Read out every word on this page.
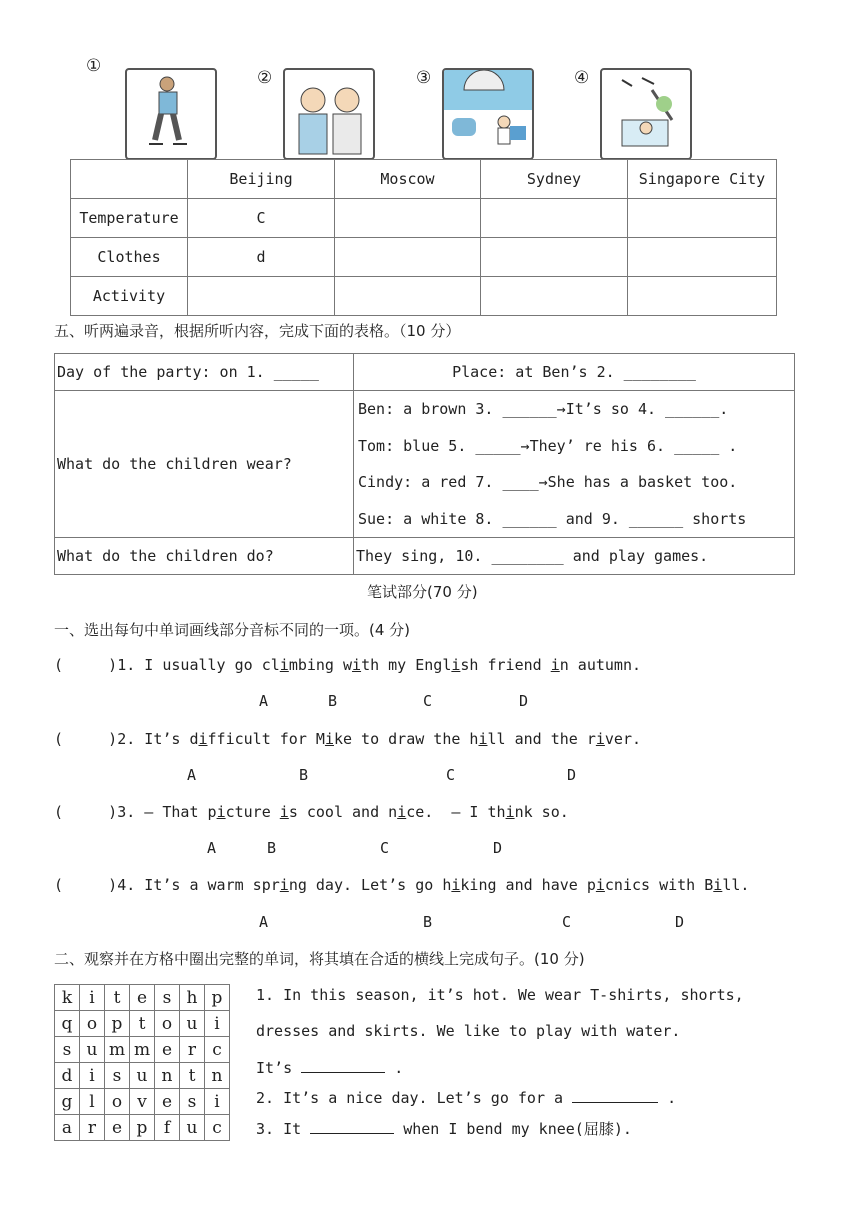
①
②	③	④
	Beijing	Moscow	Sydney	Singapore City
Temperature	C			
Clothes	d			
Activity				
五、听两遍录音，根据所听内容，完成下面的表格。（10 分）
Day of the party: on 1. _____	Place: at Ben’s 2. ________
What do the children wear?	Ben: a brown 3. ______→It’s so 4. ______.
Tom: blue 5. _____→They’ re his 6. _____ .
Cindy: a red 7. ____→She has a basket too.
Sue: a white 8. ______ and 9. ______ shorts

What do the children do?	They sing, 10. ________ and play games.
笔试部分(70 分)
一、选出每句中单词画线部分音标不同的一项。(4 分)
(     )1. I usually go climbing with my English friend in autumn.
A	B	C	D
(     )2. It’s difficult for Mike to draw the hill and the river.
A	B	C	D
(     )3. — That picture is cool and nice.  — I think so.
A	B	C	D
(     )4. It’s a warm spring day. Let’s go hiking and have picnics with Bill.
A	B	C	D
二、观察并在方格中圈出完整的单词，将其填在合适的横线上完成句子。(10 分)
k	i	t	e	s	h	p
q	o	p	t	o	u	i
s	u	m	m	e	r	c
d	i	s	u	n	t	n
g	l	o	v	e	s	i
a	r	e	p	f	u	c
1. In this season, it’s hot. We wear T-shirts, shorts,
dresses and skirts. We like to play with water.
It’s	.
2. It’s a nice day. Let’s go for a	.
3. It	when I bend my knee(屈膝).
